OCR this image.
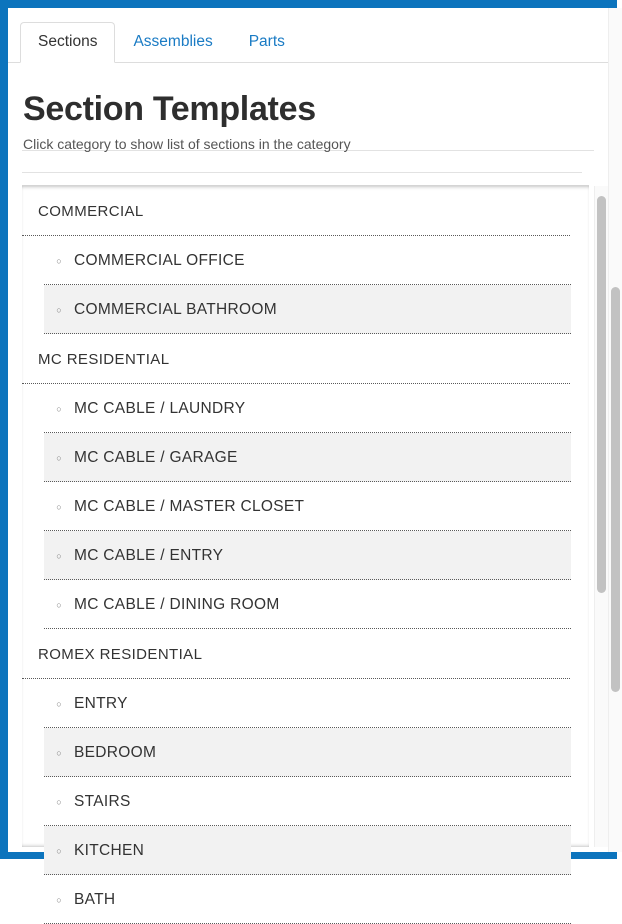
Sections	Assemblies	Parts
Section Templates
Click category to show list of sections in the category
COMMERCIAL
○ COMMERCIAL OFFICE
○ COMMERCIAL BATHROOM
MC RESIDENTIAL
○ MC CABLE / LAUNDRY
○ MC CABLE / GARAGE
○ MC CABLE / MASTER CLOSET
○ MC CABLE / ENTRY
○ MC CABLE / DINING ROOM
ROMEX RESIDENTIAL
○ ENTRY
○ BEDROOM
○ STAIRS
○ KITCHEN
○ BATH
